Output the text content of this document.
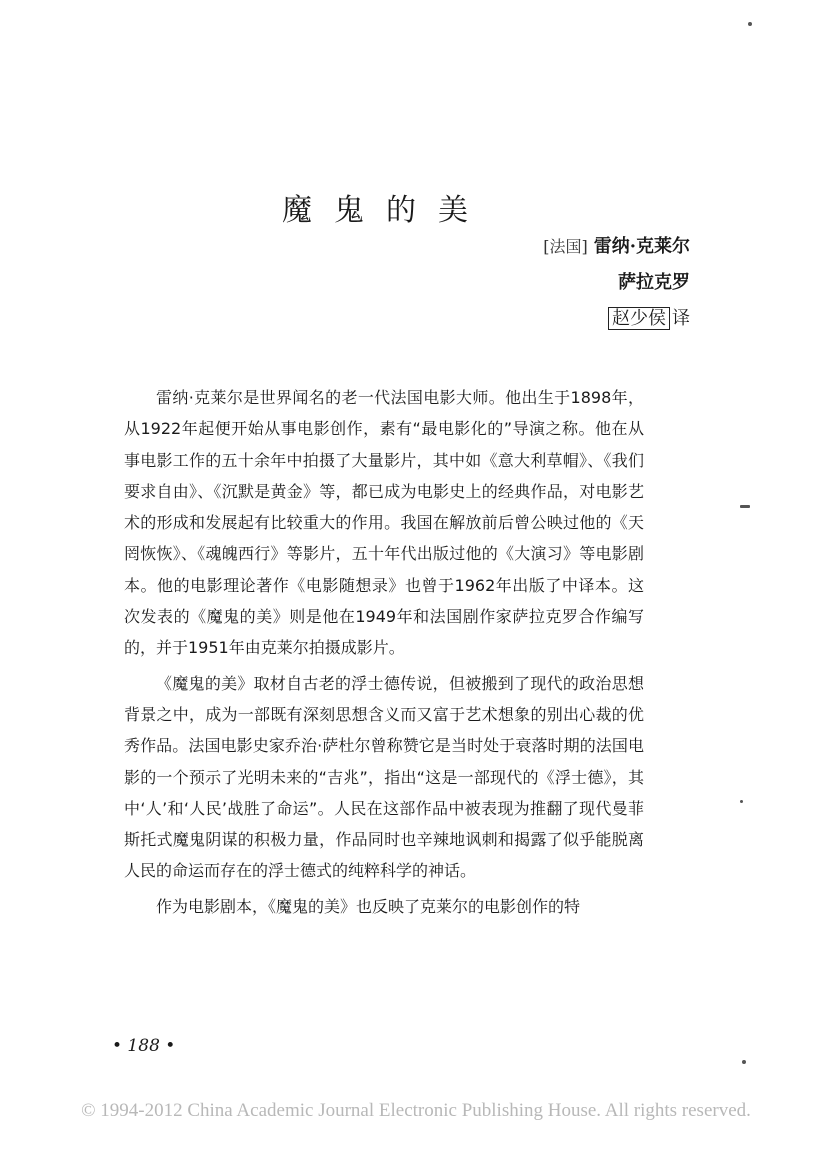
魔鬼的美
[法国] 雷纳·克莱尔
萨拉克罗
赵少侯 译

雷纳·克莱尔是世界闻名的老一代法国电影大师。他出生于1898年，从1922年起便开始从事电影创作，素有“最电影化的”导演之称。他在从事电影工作的五十余年中拍摄了大量影片，其中如《意大利草帽》、《我们要求自由》、《沉默是黄金》等，都已成为电影史上的经典作品，对电影艺术的形成和发展起有比较重大的作用。我国在解放前后曾公映过他的《天罔恢恢》、《魂魄西行》等影片，五十年代出版过他的《大演习》等电影剧本。他的电影理论著作《电影随想录》也曾于1962年出版了中译本。这次发表的《魔鬼的美》则是他在1949年和法国剧作家萨拉克罗合作编写的，并于1951年由克莱尔拍摄成影片。

《魔鬼的美》取材自古老的浮士德传说，但被搬到了现代的政治思想背景之中，成为一部既有深刻思想含义而又富于艺术想象的别出心裁的优秀作品。法国电影史家乔治·萨杜尔曾称赞它是当时处于衰落时期的法国电影的一个预示了光明未来的“吉兆”，指出“这是一部现代的《浮士德》，其中‘人’和‘人民’战胜了命运”。人民在这部作品中被表现为推翻了现代曼菲斯托式魔鬼阴谋的积极力量，作品同时也辛辣地讽刺和揭露了似乎能脱离人民的命运而存在的浮士德式的纯粹科学的神话。

作为电影剧本，《魔鬼的美》也反映了克莱尔的电影创作的特

• 188 •
© 1994-2012 China Academic Journal Electronic Publishing House. All rights reserved.
